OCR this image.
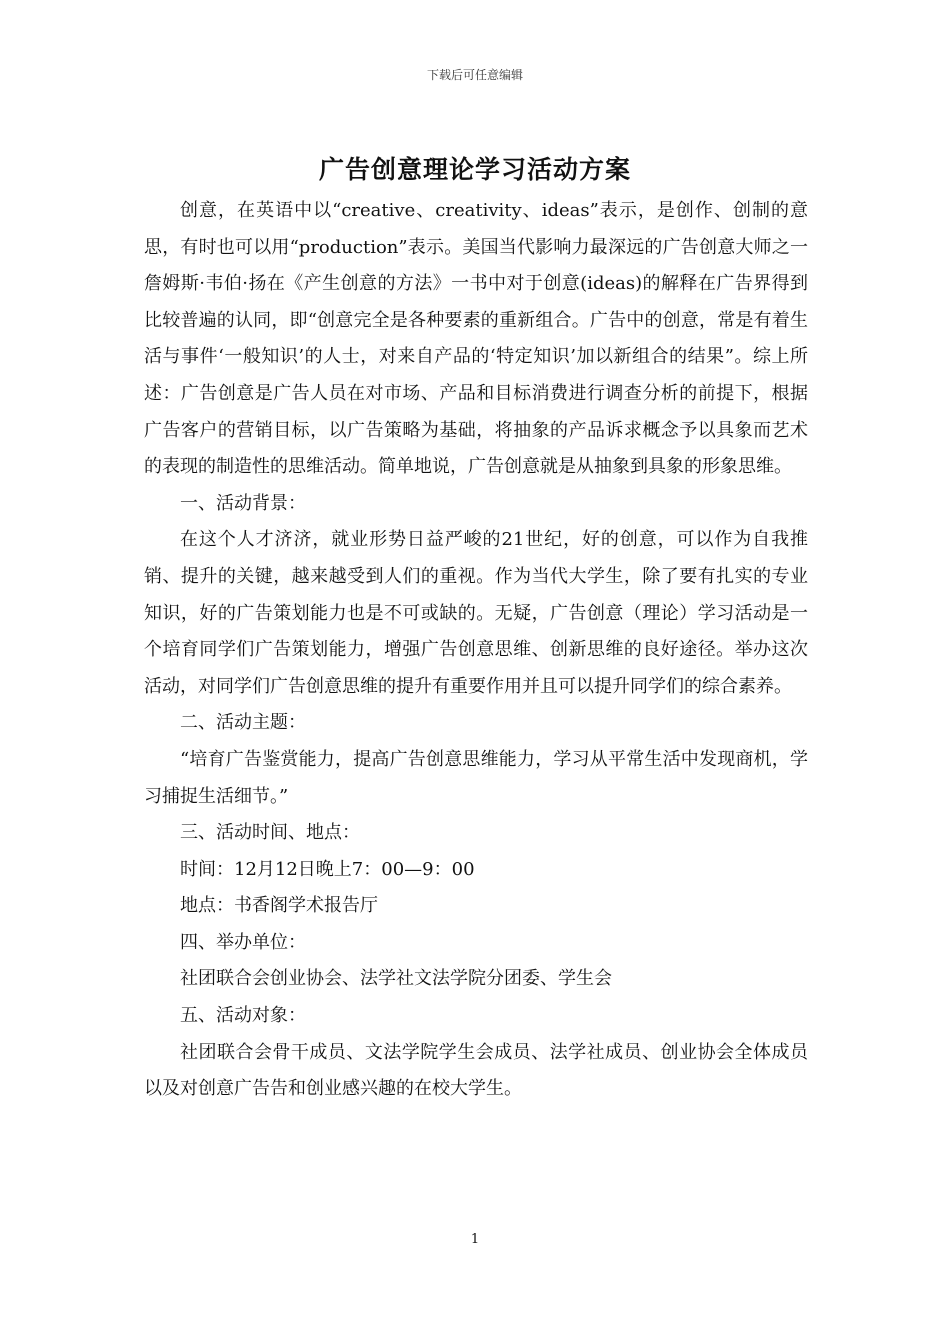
下载后可任意编辑
广告创意理论学习活动方案

创意，在英语中以“creative、creativity、ideas”表示，是创作、创制的意思，有时也可以用“production”表示。美国当代影响力最深远的广告创意大师之一詹姆斯·韦伯·扬在《产生创意的方法》一书中对于创意(ideas)的解释在广告界得到比较普遍的认同，即“创意完全是各种要素的重新组合。广告中的创意，常是有着生活与事件‘一般知识’的人士，对来自产品的‘特定知识’加以新组合的结果”。综上所述：广告创意是广告人员在对市场、产品和目标消费进行调查分析的前提下，根据广告客户的营销目标，以广告策略为基础，将抽象的产品诉求概念予以具象而艺术的表现的制造性的思维活动。简单地说，广告创意就是从抽象到具象的形象思维。

一、活动背景：

在这个人才济济，就业形势日益严峻的21世纪，好的创意，可以作为自我推销、提升的关键，越来越受到人们的重视。作为当代大学生，除了要有扎实的专业知识，好的广告策划能力也是不可或缺的。无疑，广告创意（理论）学习活动是一个培育同学们广告策划能力，增强广告创意思维、创新思维的良好途径。举办这次活动，对同学们广告创意思维的提升有重要作用并且可以提升同学们的综合素养。

二、活动主题：

“培育广告鉴赏能力，提高广告创意思维能力，学习从平常生活中发现商机，学习捕捉生活细节。”

三、活动时间、地点：

时间：12月12日晚上7：00—9：00

地点：书香阁学术报告厅

四、举办单位：

社团联合会创业协会、法学社文法学院分团委、学生会

五、活动对象：

社团联合会骨干成员、文法学院学生会成员、法学社成员、创业协会全体成员以及对创意广告告和创业感兴趣的在校大学生。

1
